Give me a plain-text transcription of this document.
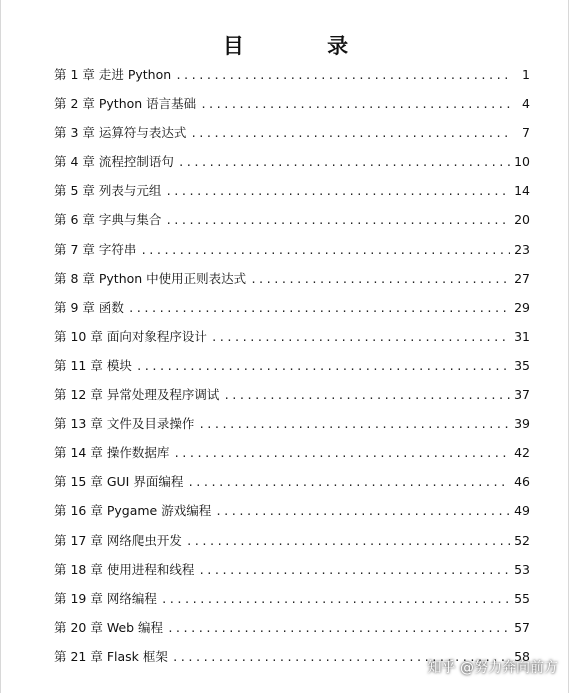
目 录
第 1 章 走进 Python .....	1
第 2 章 Python 语言基础 .....	4
第 3 章 运算符与表达式 .....	7
第 4 章 流程控制语句 .....	10
第 5 章 列表与元组 .....	14
第 6 章 字典与集合 .....	20
第 7 章 字符串 .....	23
第 8 章 Python 中使用正则表达式 .....	27
第 9 章 函数 .....	29
第 10 章 面向对象程序设计 .....	31
第 11 章 模块 .....	35
第 12 章 异常处理及程序调试 .....	37
第 13 章 文件及目录操作 .....	39
第 14 章 操作数据库 .....	42
第 15 章 GUI 界面编程 .....	46
第 16 章 Pygame 游戏编程 .....	49
第 17 章 网络爬虫开发 .....	52
第 18 章 使用进程和线程 .....	53
第 19 章 网络编程 .....	55
第 20 章 Web 编程 .....	57
第 21 章 Flask 框架 .....	58
知乎 @努力奔向前方
